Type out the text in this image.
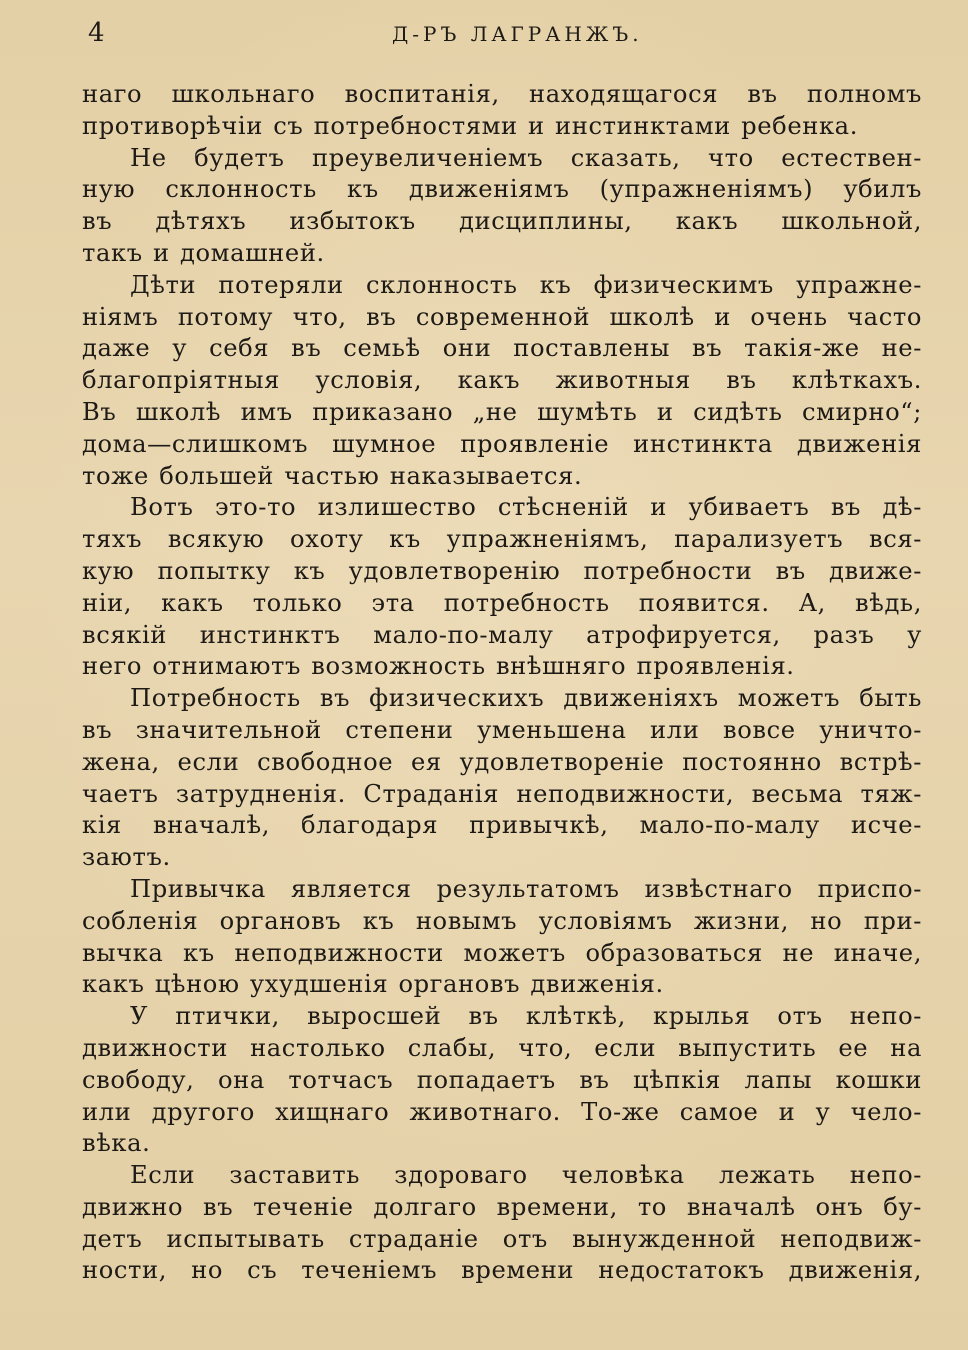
4	Д-РЪ ЛАГРАНЖЪ.
наго школьнаго воспитанія, находящагося въ полномъ
противорѣчіи съ потребностями и инстинктами ребенка.
Не будетъ преувеличеніемъ сказать, что естествен-
ную склонность къ движеніямъ (упражненіямъ) убилъ
въ дѣтяхъ избытокъ дисциплины, какъ школьной,
такъ и домашней.
Дѣти потеряли склонность къ физическимъ упражне-
ніямъ потому что, въ современной школѣ и очень часто
даже у себя въ семьѣ они поставлены въ такія-же не-
благопріятныя условія, какъ животныя въ клѣткахъ.
Въ школѣ имъ приказано „не шумѣть и сидѣть смирно“;
дома—слишкомъ шумное проявленіе инстинкта движенія
тоже большей частью наказывается.
Вотъ это-то излишество стѣсненій и убиваетъ въ дѣ-
тяхъ всякую охоту къ упражненіямъ, парализуетъ вся-
кую попытку къ удовлетворенію потребности въ движе-
ніи, какъ только эта потребность появится. А, вѣдь,
всякій инстинктъ мало-по-малу атрофируется, разъ у
него отнимаютъ возможность внѣшняго проявленія.
Потребность въ физическихъ движеніяхъ можетъ быть
въ значительной степени уменьшена или вовсе уничто-
жена, если свободное ея удовлетвореніе постоянно встрѣ-
чаетъ затрудненія. Страданія неподвижности, весьма тяж-
кія вначалѣ, благодаря привычкѣ, мало-по-малу исче-
заютъ.
Привычка является результатомъ извѣстнаго приспо-
собленія органовъ къ новымъ условіямъ жизни, но при-
вычка къ неподвижности можетъ образоваться не иначе,
какъ цѣною ухудшенія органовъ движенія.
У птички, выросшей въ клѣткѣ, крылья отъ непо-
движности настолько слабы, что, если выпустить ее на
свободу, она тотчасъ попадаетъ въ цѣпкія лапы кошки
или другого хищнаго животнаго. То-же самое и у чело-
вѣка.
Если заставить здороваго человѣка лежать непо-
движно въ теченіе долгаго времени, то вначалѣ онъ бу-
детъ испытывать страданіе отъ вынужденной неподвиж-
ности, но съ теченіемъ времени недостатокъ движенія,
